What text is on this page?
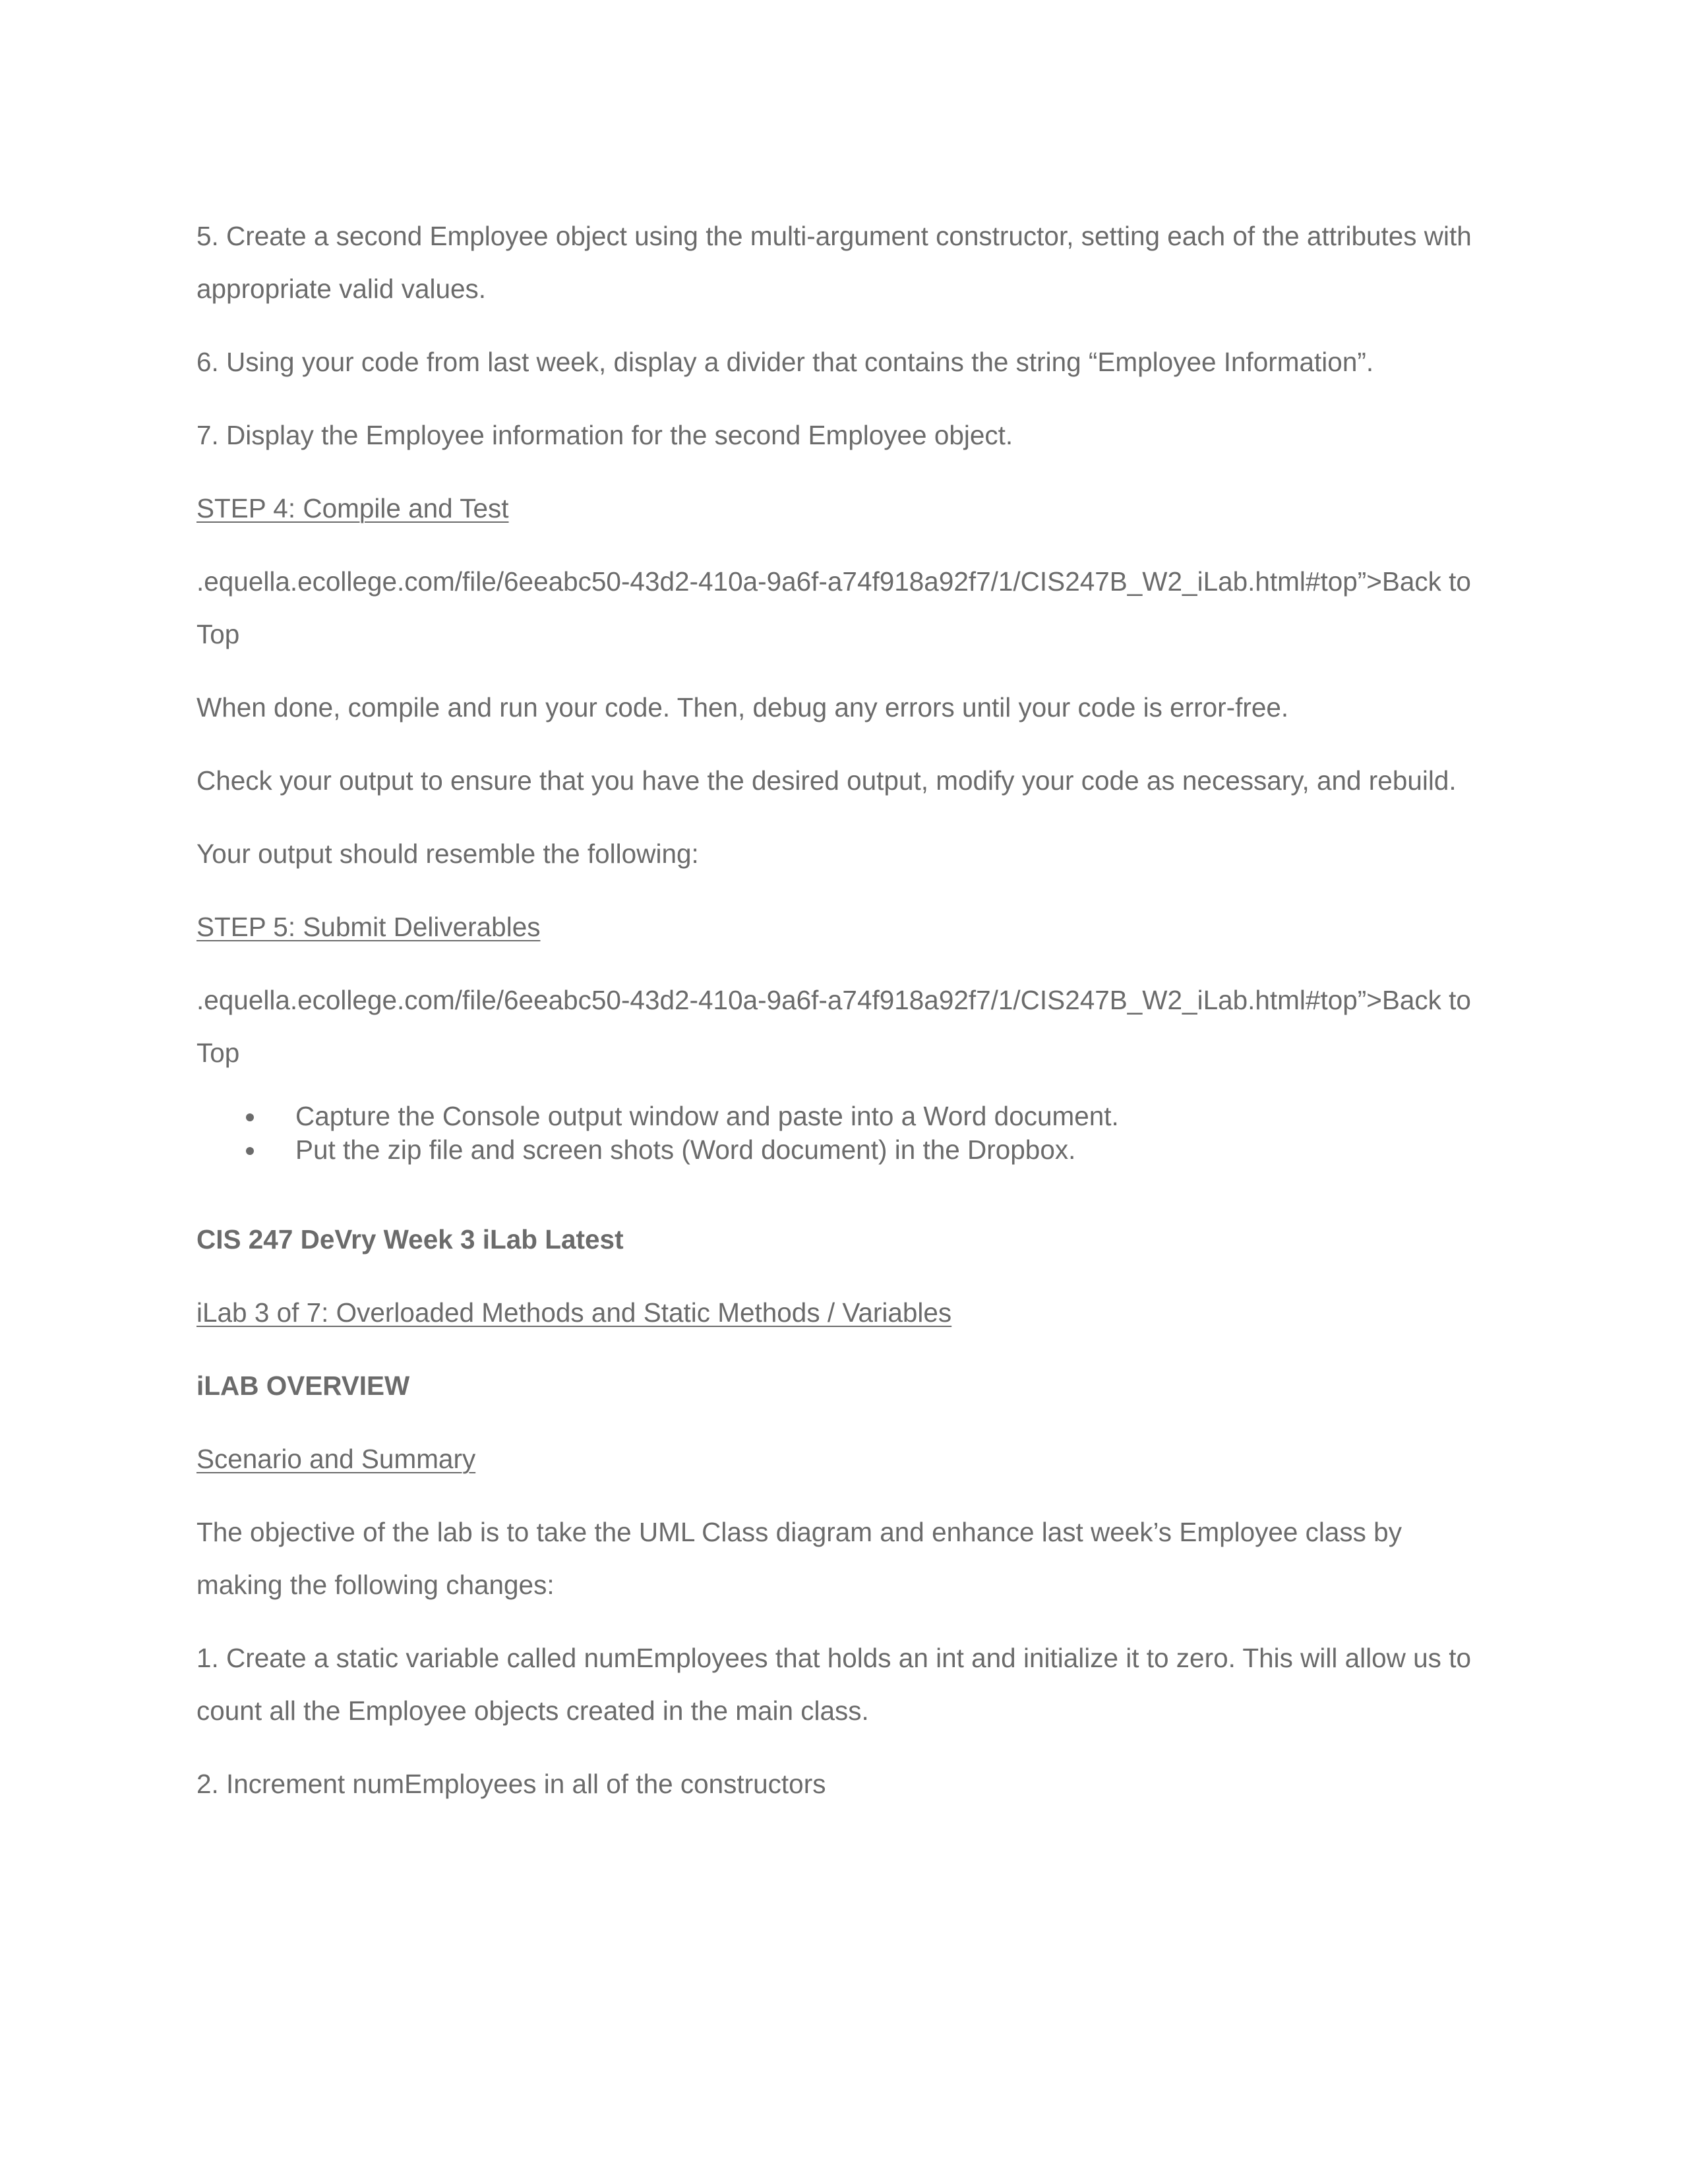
5. Create a second Employee object using the multi-argument constructor, setting each of the attributes with appropriate valid values.

6. Using your code from last week, display a divider that contains the string “Employee Information”.

7. Display the Employee information for the second Employee object.

STEP 4: Compile and Test

.equella.ecollege.com/file/6eeabc50-43d2-410a-9a6f-a74f918a92f7/1/CIS247B_W2_iLab.html#top”>Back to Top

When done, compile and run your code. Then, debug any errors until your code is error-free.

Check your output to ensure that you have the desired output, modify your code as necessary, and rebuild.

Your output should resemble the following:

STEP 5: Submit Deliverables

.equella.ecollege.com/file/6eeabc50-43d2-410a-9a6f-a74f918a92f7/1/CIS247B_W2_iLab.html#top”>Back to Top

Capture the Console output window and paste into a Word document.
Put the zip file and screen shots (Word document) in the Dropbox.

CIS 247 DeVry Week 3 iLab Latest

iLab 3 of 7: Overloaded Methods and Static Methods / Variables

iLAB OVERVIEW

Scenario and Summary

The objective of the lab is to take the UML Class diagram and enhance last week’s Employee class by making the following changes:

1. Create a static variable called numEmployees that holds an int and initialize it to zero. This will allow us to count all the Employee objects created in the main class.

2. Increment numEmployees in all of the constructors
